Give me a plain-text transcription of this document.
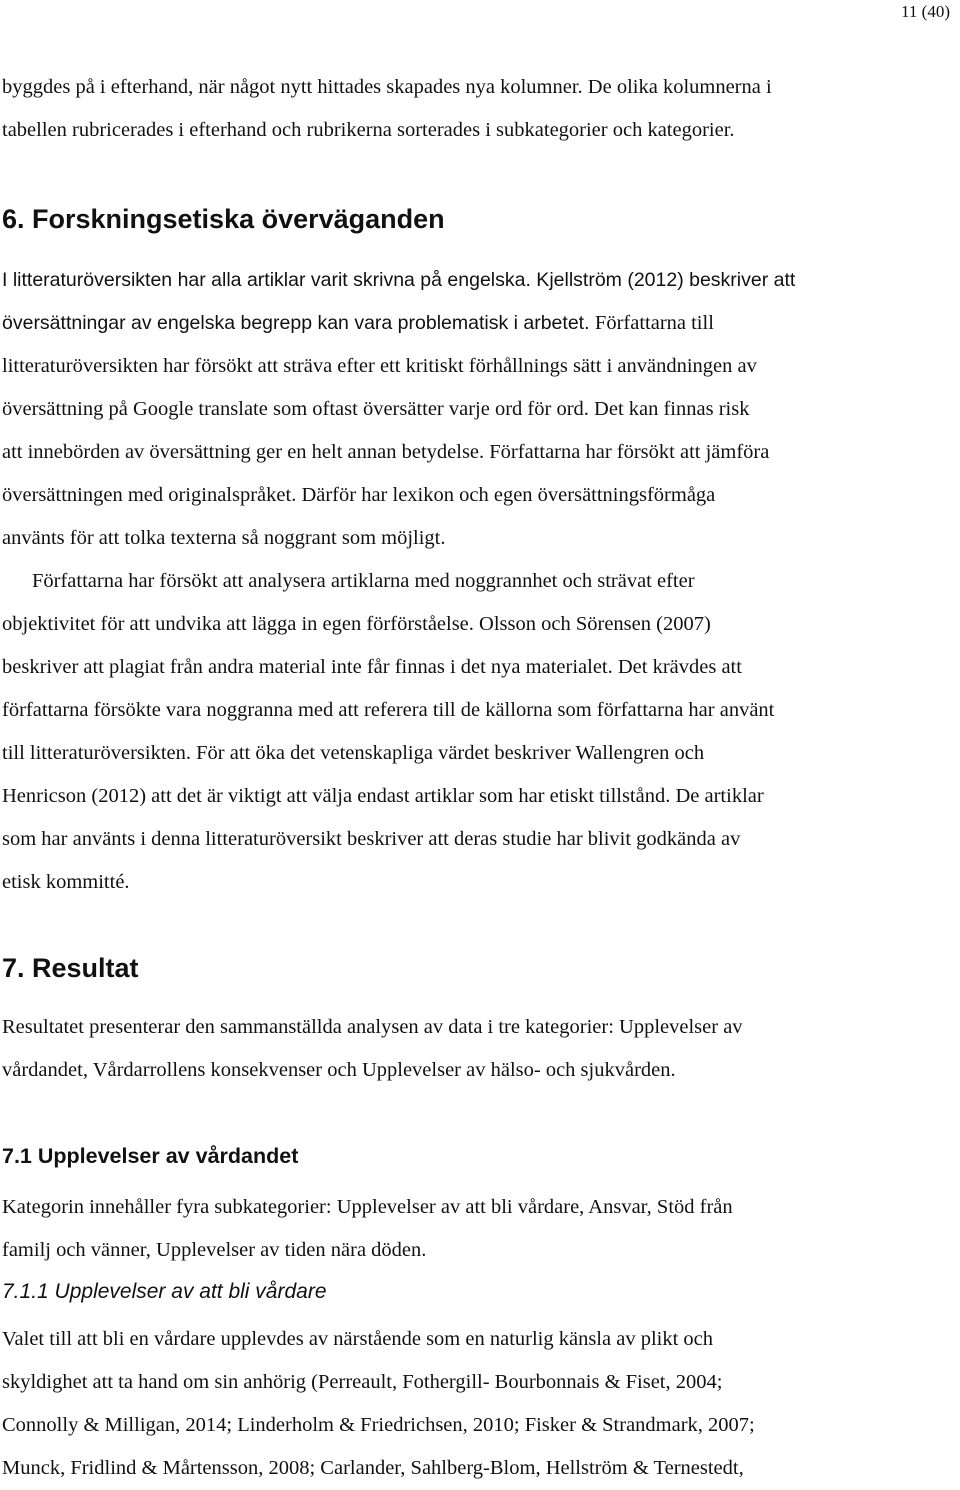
11 (40)
byggdes på i efterhand, när något nytt hittades skapades nya kolumner. De olika kolumnerna i
tabellen rubricerades i efterhand och rubrikerna sorterades i subkategorier och kategorier.
6. Forskningsetiska överväganden
I litteraturöversikten har alla artiklar varit skrivna på engelska. Kjellström (2012) beskriver att
översättningar av engelska begrepp kan vara problematisk i arbetet. Författarna till
litteraturöversikten har försökt att sträva efter ett kritiskt förhållnings sätt i användningen av
översättning på Google translate som oftast översätter varje ord för ord. Det kan finnas risk
att innebörden av översättning ger en helt annan betydelse. Författarna har försökt att jämföra
översättningen med originalspråket. Därför har lexikon och egen översättningsförmåga
använts för att tolka texterna så noggrant som möjligt.
Författarna har försökt att analysera artiklarna med noggrannhet och strävat efter
objektivitet för att undvika att lägga in egen förförståelse. Olsson och Sörensen (2007)
beskriver att plagiat från andra material inte får finnas i det nya materialet. Det krävdes att
författarna försökte vara noggranna med att referera till de källorna som författarna har använt
till litteraturöversikten. För att öka det vetenskapliga värdet beskriver Wallengren och
Henricson (2012) att det är viktigt att välja endast artiklar som har etiskt tillstånd. De artiklar
som har använts i denna litteraturöversikt beskriver att deras studie har blivit godkända av
etisk kommitté.
7. Resultat
Resultatet presenterar den sammanställda analysen av data i tre kategorier: Upplevelser av
vårdandet, Vårdarrollens konsekvenser och Upplevelser av hälso- och sjukvården.
7.1 Upplevelser av vårdandet
Kategorin innehåller fyra subkategorier: Upplevelser av att bli vårdare, Ansvar, Stöd från
familj och vänner, Upplevelser av tiden nära döden.
7.1.1 Upplevelser av att bli vårdare
Valet till att bli en vårdare upplevdes av närstående som en naturlig känsla av plikt och
skyldighet att ta hand om sin anhörig (Perreault, Fothergill- Bourbonnais & Fiset, 2004;
Connolly & Milligan, 2014; Linderholm & Friedrichsen, 2010; Fisker & Strandmark, 2007;
Munck, Fridlind & Mårtensson, 2008; Carlander, Sahlberg-Blom, Hellström & Ternestedt,
